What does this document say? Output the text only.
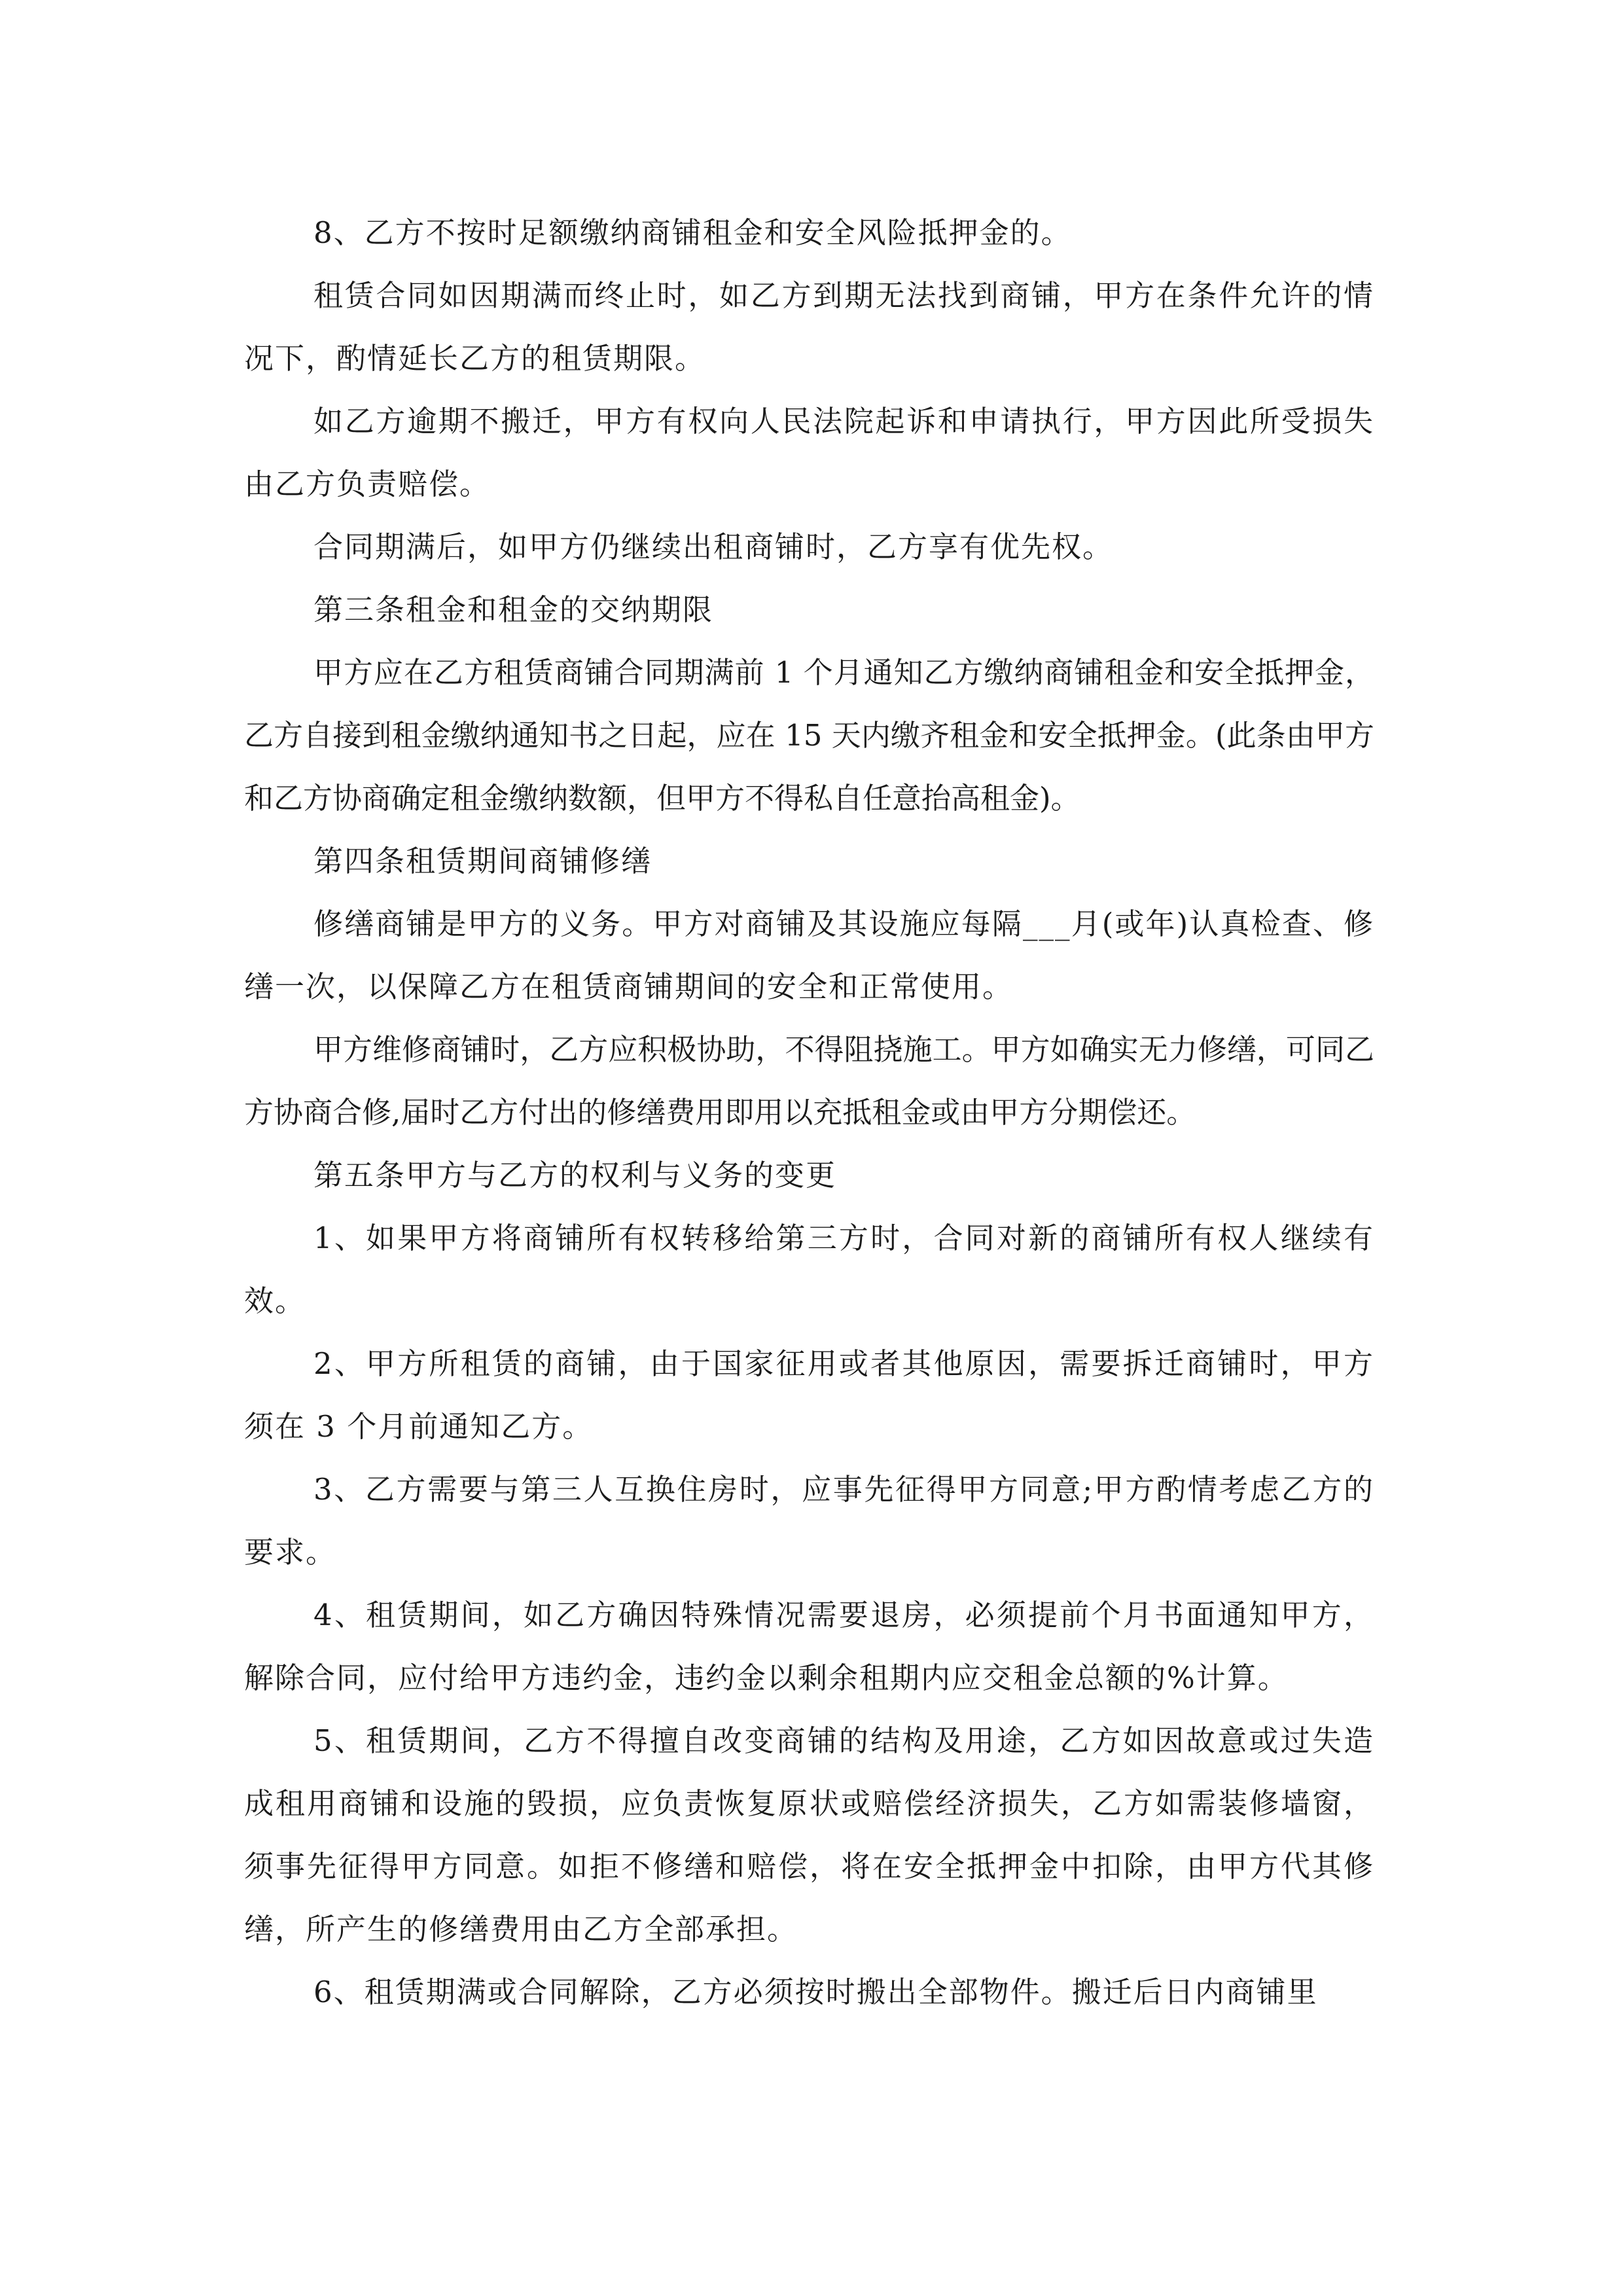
8、乙方不按时足额缴纳商铺租金和安全风险抵押金的。

租赁合同如因期满而终止时，如乙方到期无法找到商铺，甲方在条件允许的情况下，酌情延长乙方的租赁期限。

如乙方逾期不搬迁，甲方有权向人民法院起诉和申请执行，甲方因此所受损失由乙方负责赔偿。

合同期满后，如甲方仍继续出租商铺时，乙方享有优先权。

第三条租金和租金的交纳期限

甲方应在乙方租赁商铺合同期满前 1 个月通知乙方缴纳商铺租金和安全抵押金，乙方自接到租金缴纳通知书之日起，应在 15 天内缴齐租金和安全抵押金。(此条由甲方和乙方协商确定租金缴纳数额，但甲方不得私自任意抬高租金)。

第四条租赁期间商铺修缮

修缮商铺是甲方的义务。甲方对商铺及其设施应每隔___月(或年)认真检查、修缮一次，以保障乙方在租赁商铺期间的安全和正常使用。

甲方维修商铺时，乙方应积极协助，不得阻挠施工。甲方如确实无力修缮，可同乙方协商合修,届时乙方付出的修缮费用即用以充抵租金或由甲方分期偿还。

第五条甲方与乙方的权利与义务的变更

1、如果甲方将商铺所有权转移给第三方时，合同对新的商铺所有权人继续有效。

2、甲方所租赁的商铺，由于国家征用或者其他原因，需要拆迁商铺时，甲方须在 3 个月前通知乙方。

3、乙方需要与第三人互换住房时，应事先征得甲方同意;甲方酌情考虑乙方的要求。

4、租赁期间，如乙方确因特殊情况需要退房，必须提前个月书面通知甲方，解除合同，应付给甲方违约金，违约金以剩余租期内应交租金总额的%计算。

5、租赁期间，乙方不得擅自改变商铺的结构及用途，乙方如因故意或过失造成租用商铺和设施的毁损，应负责恢复原状或赔偿经济损失，乙方如需装修墙窗，须事先征得甲方同意。如拒不修缮和赔偿，将在安全抵押金中扣除，由甲方代其修缮，所产生的修缮费用由乙方全部承担。

6、租赁期满或合同解除，乙方必须按时搬出全部物件。搬迁后日内商铺里
